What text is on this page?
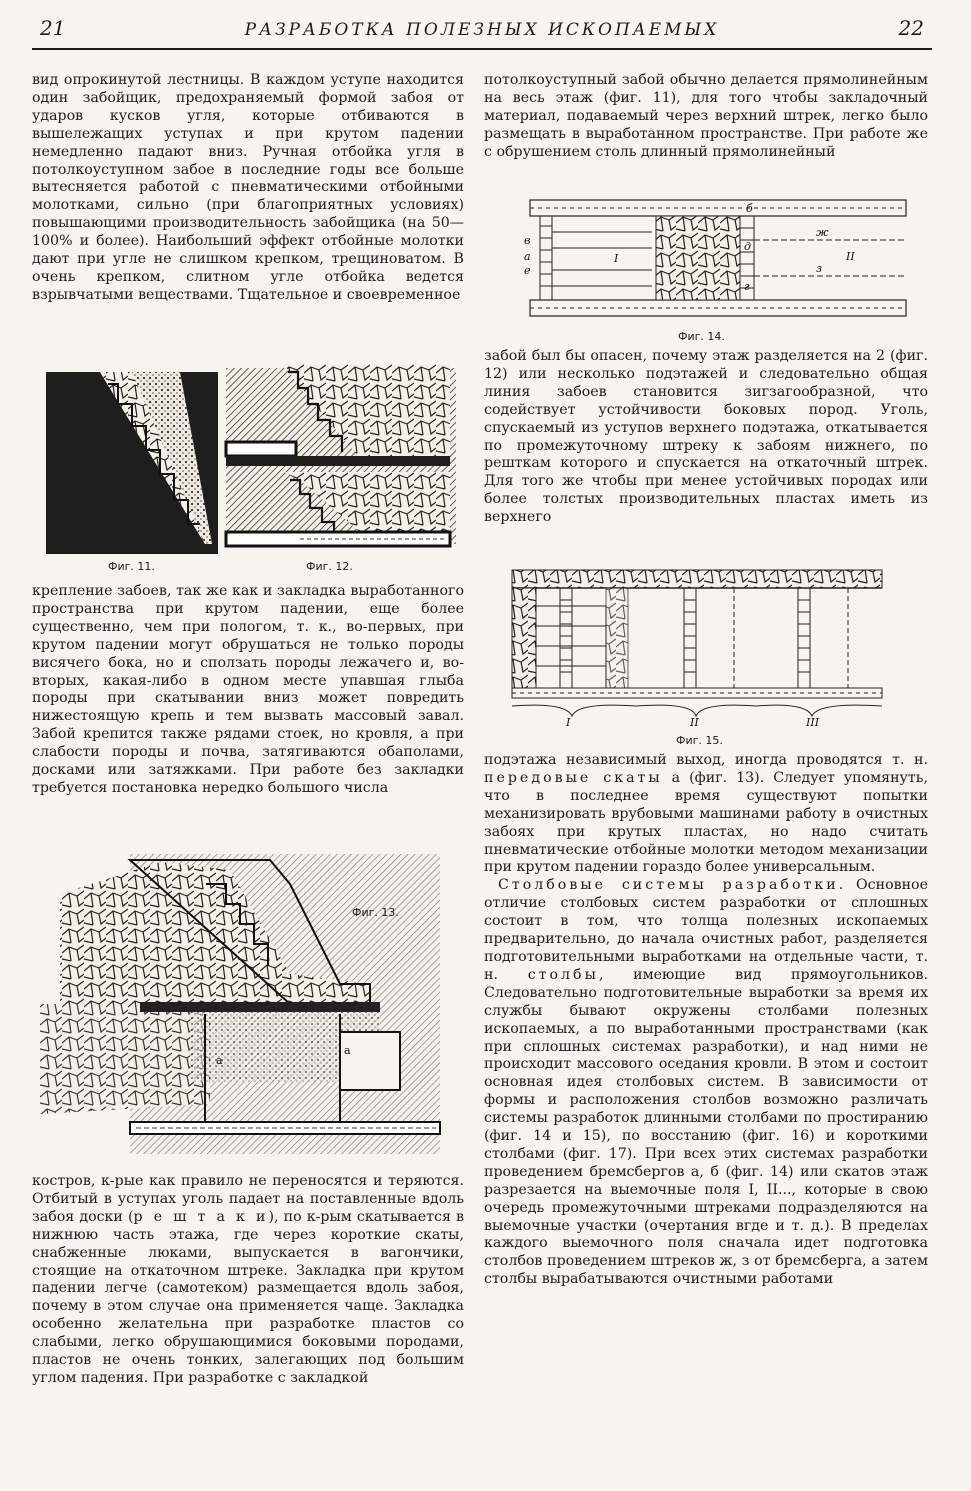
21	РАЗРАБОТКА ПОЛЕЗНЫХ ИСКОПАЕМЫХ	22

вид опрокинутой лестницы. В каждом уступе находится один забойщик, предохраняемый формой забоя от ударов кусков угля, которые отбиваются в вышележащих уступах и при крутом падении немедленно падают вниз. Ручная отбойка угля в потолкоуступном забое в последние годы все больше вытесняется работой с пневматическими отбойными молотками, сильно (при благоприятных условиях) повышающими производительность забойщика (на 50—100% и более). Наибольший эффект отбойные молотки дают при угле не слишком крепком, трещиноватом. В очень крепком, слитном угле отбойка ведется взрывчатыми веществами. Тщательное и своевременное

Фиг. 11.	Фиг. 12.

крепление забоев, так же как и закладка выработанного пространства при крутом падении, еще более существенно, чем при пологом, т. к., во-первых, при крутом падении могут обрушаться не только породы висячего бока, но и сползать породы лежачего и, во-вторых, какая-либо в одном месте упавшая глыба породы при скатывании вниз может повредить нижестоящую крепь и тем вызвать массовый завал. Забой крепится также рядами стоек, но кровля, а при слабости породы и почва, затягиваются обаполами, досками или затяжками. При работе без закладки требуется постановка нередко большого числа

а
а
Фиг. 13.

костров, к-рые как правило не переносятся и теряются. Отбитый в уступах уголь падает на поставленные вдоль забоя доски (р е ш т а к и), по к-рым скатывается в нижнюю часть этажа, где через короткие скаты, снабженные люками, выпускается в вагончики, стоящие на откаточном штреке. Закладка при крутом падении легче (самотеком) размещается вдоль забоя, почему в этом случае она применяется чаще. Закладка особенно желательна при разработке пластов со слабыми, легко обрушающимися боковыми породами, пластов не очень тонких, залегающих под большим углом падения. При разработке с закладкой

потолкоуступный забой обычно делается прямолинейным на весь этаж (фиг. 11), для того чтобы закладочный материал, подаваемый через верхний штрек, легко было размещать в выработанном пространстве. При работе же с обрушением столь длинный прямолинейный

в
а
е
I
б
д
г
ж
з
II
Фиг. 14.

забой был бы опасен, почему этаж разделяется на 2 (фиг. 12) или несколько подэтажей и следовательно общая линия забоев становится зигзагообразной, что содействует устойчивости боковых пород. Уголь, спускаемый из уступов верхнего подэтажа, откатывается по промежуточному штреку к забоям нижнего, по решткам которого и спускается на откаточный штрек. Для того же чтобы при менее устойчивых породах или более толстых производительных пластах иметь из верхнего

I	II	III
Фиг. 15.

подэтажа независимый выход, иногда проводятся т. н. передовые скаты а (фиг. 13). Следует упомянуть, что в последнее время существуют попытки механизировать врубовыми машинами работу в очистных забоях при крутых пластах, но надо считать пневматические отбойные молотки методом механизации при крутом падении гораздо более универсальным.

Столбовые системы разработки. Основное отличие столбовых систем разработки от сплошных состоит в том, что толща полезных ископаемых предварительно, до начала очистных работ, разделяется подготовительными выработками на отдельные части, т. н. столбы, имеющие вид прямоугольников. Следовательно подготовительные выработки за время их службы бывают окружены столбами полезных ископаемых, а по выработанными пространствами (как при сплошных системах разработки), и над ними не происходит массового оседания кровли. В этом и состоит основная идея столбовых систем. В зависимости от формы и расположения столбов возможно различать системы разработок длинными столбами по простиранию (фиг. 14 и 15), по восстанию (фиг. 16) и короткими столбами (фиг. 17). При всех этих системах разработки проведением бремсбергов а, б (фиг. 14) или скатов этаж разрезается на выемочные поля I, II..., которые в свою очередь промежуточными штреками подразделяются на выемочные участки (очертания вгде и т. д.). В пределах каждого выемочного поля сначала идет подготовка столбов проведением штреков ж, з от бремсберга, а затем столбы вырабатываются очистными работами
